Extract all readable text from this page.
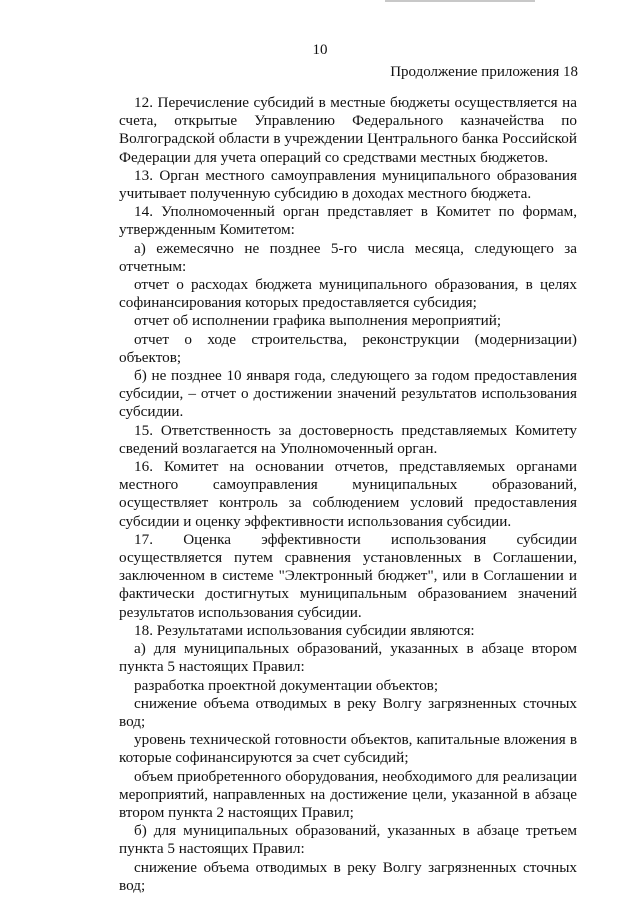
10
Продолжение приложения 18

12. Перечисление субсидий в местные бюджеты осуществляется на счета, открытые Управлению Федерального казначейства по Волгоградской области в учреждении Центрального банка Российской Федерации для учета операций со средствами местных бюджетов.

13. Орган местного самоуправления муниципального образования учитывает полученную субсидию в доходах местного бюджета.

14. Уполномоченный орган представляет в Комитет по формам, утвержденным Комитетом:

а) ежемесячно не позднее 5-го числа месяца, следующего за отчетным:

отчет о расходах бюджета муниципального образования, в целях софинансирования которых предоставляется субсидия;

отчет об исполнении графика выполнения мероприятий;

отчет о ходе строительства, реконструкции (модернизации) объектов;

б) не позднее 10 января года, следующего за годом предоставления субсидии, – отчет о достижении значений результатов использования субсидии.

15. Ответственность за достоверность представляемых Комитету сведений возлагается на Уполномоченный орган.

16. Комитет на основании отчетов, представляемых органами местного самоуправления муниципальных образований, осуществляет контроль за соблюдением условий предоставления субсидии и оценку эффективности использования субсидии.

17. Оценка эффективности использования субсидии осуществляется путем сравнения установленных в Соглашении, заключенном в системе "Электронный бюджет", или в Соглашении и фактически достигнутых муниципальным образованием значений результатов использования субсидии.

18. Результатами использования субсидии являются:

а) для муниципальных образований, указанных в абзаце втором пункта 5 настоящих Правил:

разработка проектной документации объектов;

снижение объема отводимых в реку Волгу загрязненных сточных вод;

уровень технической готовности объектов, капитальные вложения в которые софинансируются за счет субсидий;

объем приобретенного оборудования, необходимого для реализации мероприятий, направленных на достижение цели, указанной в абзаце втором пункта 2 настоящих Правил;

б) для муниципальных образований, указанных в абзаце третьем пункта 5 настоящих Правил:

снижение объема отводимых в реку Волгу загрязненных сточных вод;
